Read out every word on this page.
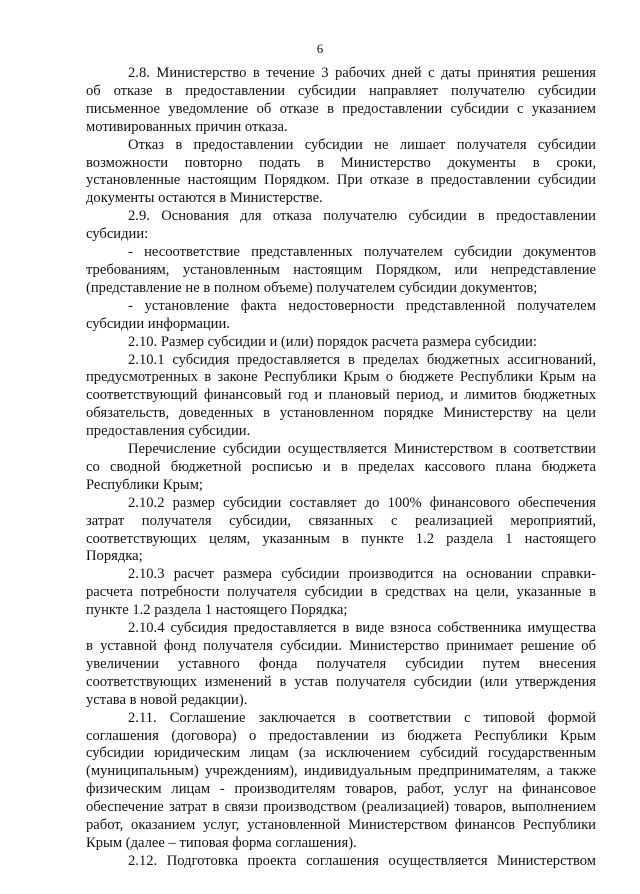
6
2.8. Министерство в течение 3 рабочих дней с даты принятия решения
об отказе в предоставлении субсидии направляет получателю субсидии
письменное уведомление об отказе в предоставлении субсидии с указанием
мотивированных причин отказа.
Отказ в предоставлении субсидии не лишает получателя субсидии
возможности повторно подать в Министерство документы в сроки,
установленные настоящим Порядком. При отказе в предоставлении субсидии
документы остаются в Министерстве.
2.9. Основания для отказа получателю субсидии в предоставлении
субсидии:
- несоответствие представленных получателем субсидии документов
требованиям, установленным настоящим Порядком, или непредставление
(представление не в полном объеме) получателем субсидии документов;
- установление факта недостоверности представленной получателем
субсидии информации.
2.10. Размер субсидии и (или) порядок расчета размера субсидии:
2.10.1 субсидия предоставляется в пределах бюджетных ассигнований,
предусмотренных в законе Республики Крым о бюджете Республики Крым на
соответствующий финансовый год и плановый период, и лимитов бюджетных
обязательств, доведенных в установленном порядке Министерству на цели
предоставления субсидии.
Перечисление субсидии осуществляется Министерством в соответствии
со сводной бюджетной росписью и в пределах кассового плана бюджета
Республики Крым;
2.10.2 размер субсидии составляет до 100% финансового обеспечения
затрат получателя субсидии, связанных с реализацией мероприятий,
соответствующих целям, указанным в пункте 1.2 раздела 1 настоящего
Порядка;
2.10.3 расчет размера субсидии производится на основании справки-
расчета потребности получателя субсидии в средствах на цели, указанные в
пункте 1.2 раздела 1 настоящего Порядка;
2.10.4 субсидия предоставляется в виде взноса собственника имущества
в уставной фонд получателя субсидии. Министерство принимает решение об
увеличении уставного фонда получателя субсидии путем внесения
соответствующих изменений в устав получателя субсидии (или утверждения
устава в новой редакции).
2.11. Соглашение заключается в соответствии с типовой формой
соглашения (договора) о предоставлении из бюджета Республики Крым
субсидии юридическим лицам (за исключением субсидий государственным
(муниципальным) учреждениям), индивидуальным предпринимателям, а также
физическим лицам - производителям товаров, работ, услуг на финансовое
обеспечение затрат в связи производством (реализацией) товаров, выполнением
работ, оказанием услуг, установленной Министерством финансов Республики
Крым (далее – типовая форма соглашения).
2.12. Подготовка проекта соглашения осуществляется Министерством
